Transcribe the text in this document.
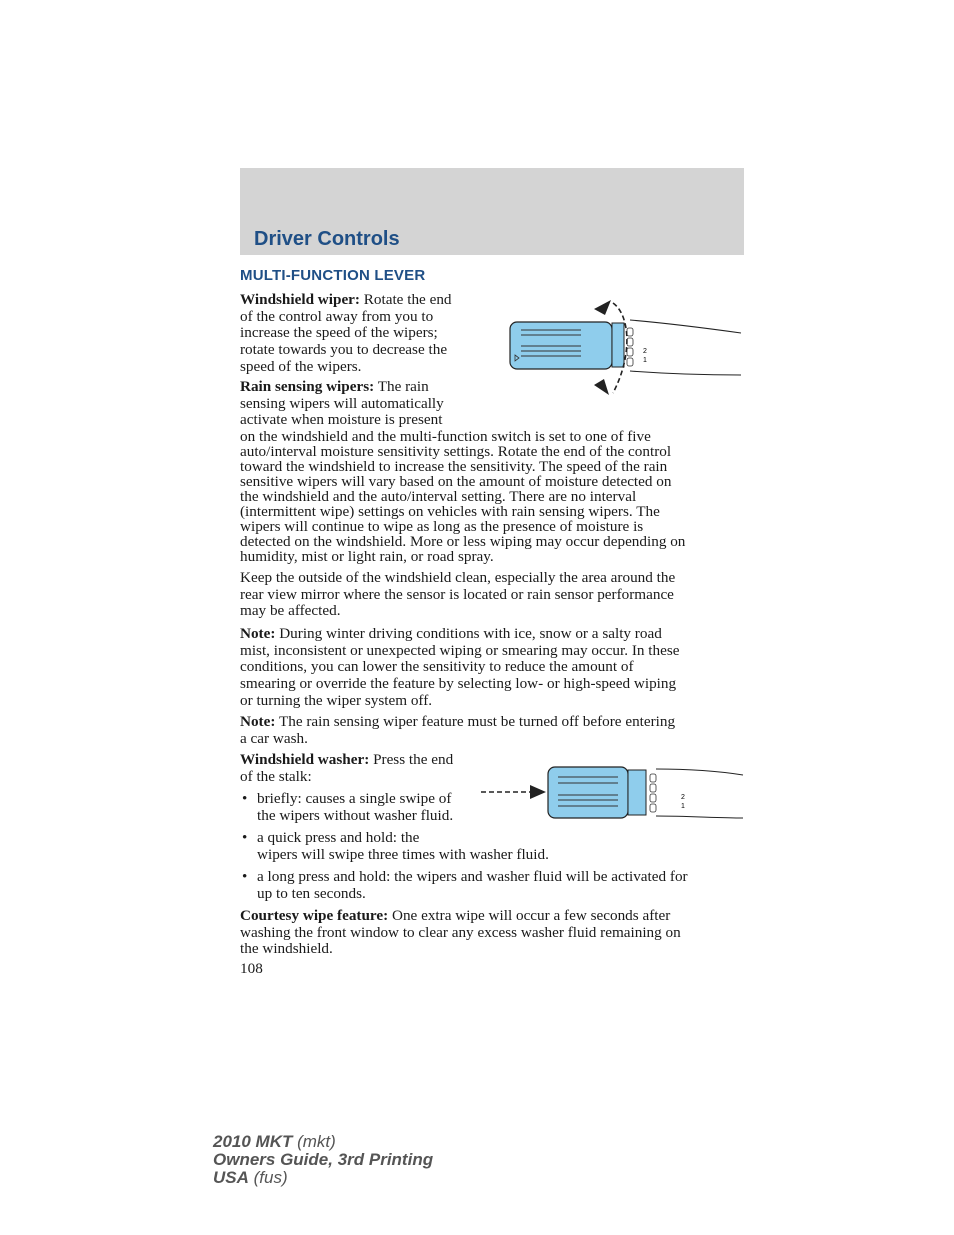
Driver Controls
MULTI-FUNCTION LEVER
Windshield wiper: Rotate the end
of the control away from you to
increase the speed of the wipers;
rotate towards you to decrease the
speed of the wipers.
Rain sensing wipers: The rain
sensing wipers will automatically
activate when moisture is present
on the windshield and the multi-function switch is set to one of five
auto/interval moisture sensitivity settings. Rotate the end of the control
toward the windshield to increase the sensitivity. The speed of the rain
sensitive wipers will vary based on the amount of moisture detected on
the windshield and the auto/interval setting. There are no interval
(intermittent wipe) settings on vehicles with rain sensing wipers. The
wipers will continue to wipe as long as the presence of moisture is
detected on the windshield. More or less wiping may occur depending on
humidity, mist or light rain, or road spray.
Keep the outside of the windshield clean, especially the area around the
rear view mirror where the sensor is located or rain sensor performance
may be affected.
Note: During winter driving conditions with ice, snow or a salty road
mist, inconsistent or unexpected wiping or smearing may occur. In these
conditions, you can lower the sensitivity to reduce the amount of
smearing or override the feature by selecting low- or high-speed wiping
or turning the wiper system off.
Note: The rain sensing wiper feature must be turned off before entering
a car wash.
Windshield washer: Press the end
of the stalk:
• briefly: causes a single swipe of
the wipers without washer fluid.
• a quick press and hold: the
wipers will swipe three times with washer fluid.
• a long press and hold: the wipers and washer fluid will be activated for
up to ten seconds.
Courtesy wipe feature: One extra wipe will occur a few seconds after
washing the front window to clear any excess washer fluid remaining on
the windshield.
108
2
1
2
1
2010 MKT (mkt)
Owners Guide, 3rd Printing
USA (fus)
